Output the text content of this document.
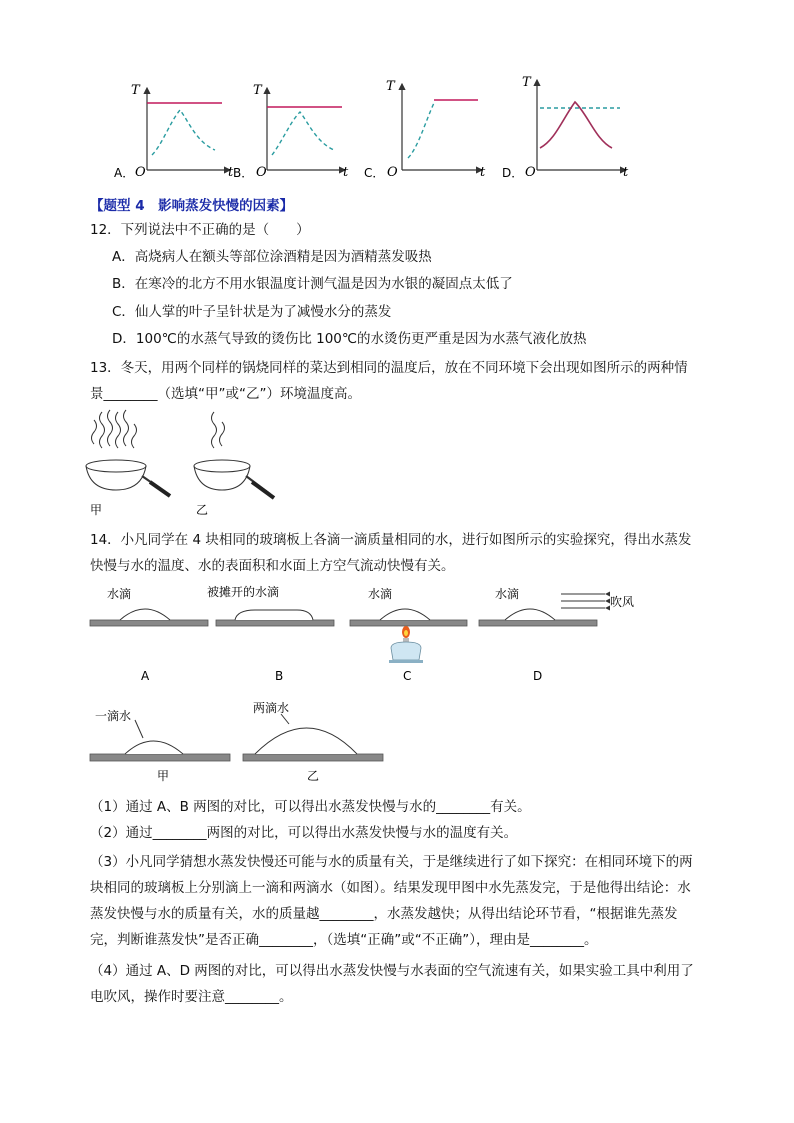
T
O	t
A．
T
O	t
B．
T
O	t
C．
T
O	t
D．
【题型 4　影响蒸发快慢的因素】
12．下列说法中不正确的是（　　）
A．高烧病人在额头等部位涂酒精是因为酒精蒸发吸热
B．在寒冷的北方不用水银温度计测气温是因为水银的凝固点太低了
C．仙人掌的叶子呈针状是为了减慢水分的蒸发
D．100℃的水蒸气导致的烫伤比 100℃的水烫伤更严重是因为水蒸气液化放热
13．冬天，用两个同样的锅烧同样的菜达到相同的温度后，放在不同环境下会出现如图所示的两种情
景________（选填“甲”或“乙”）环境温度高。
甲	乙
14．小凡同学在 4 块相同的玻璃板上各滴一滴质量相同的水，进行如图所示的实验探究，得出水蒸发
快慢与水的温度、水的表面积和水面上方空气流动快慢有关。
水滴
A
被摊开的水滴
B
水滴
C
水滴
吹风
D
一滴水
甲
两滴水
乙
（1）通过 A、B 两图的对比，可以得出水蒸发快慢与水的________有关。
（2）通过________两图的对比，可以得出水蒸发快慢与水的温度有关。
（3）小凡同学猜想水蒸发快慢还可能与水的质量有关，于是继续进行了如下探究：在相同环境下的两
块相同的玻璃板上分别滴上一滴和两滴水（如图）。结果发现甲图中水先蒸发完，于是他得出结论：水
蒸发快慢与水的质量有关，水的质量越________，水蒸发越快；从得出结论环节看，“根据谁先蒸发
完，判断谁蒸发快”是否正确________，（选填“正确”或“不正确”），理由是________。
（4）通过 A、D 两图的对比，可以得出水蒸发快慢与水表面的空气流速有关，如果实验工具中利用了
电吹风，操作时要注意________。
